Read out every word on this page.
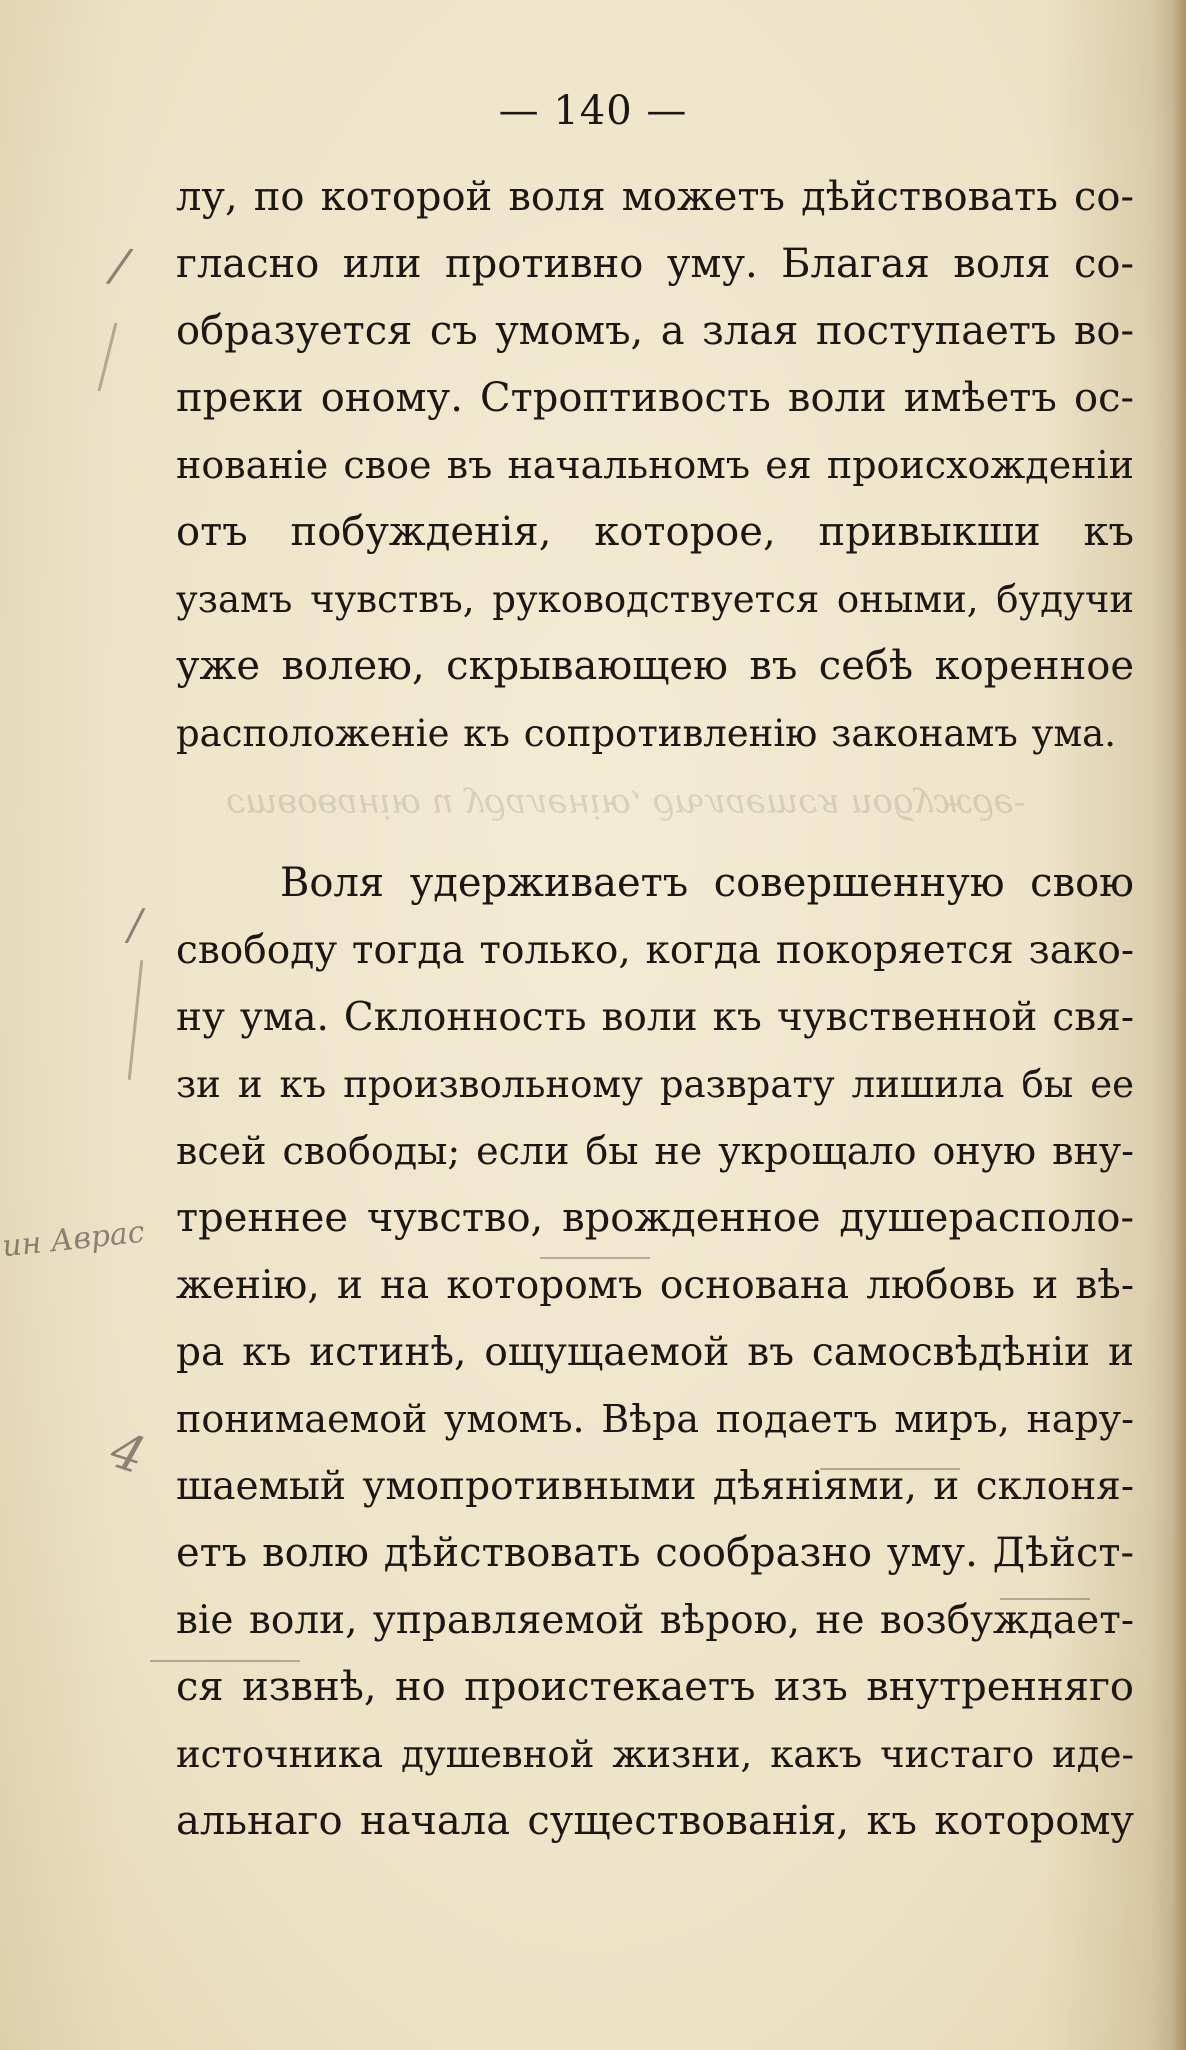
— 140 —
лу, по которой воля можетъ дѣйствовать со-
гласно или противно уму. Благая воля со-
образуется съ умомъ, а злая поступаетъ во-
преки оному. Строптивость воли имѣетъ ос-
нованіе свое въ начальномъ ея происхожденіи
отъ побужденія, которое, привыкши къ
узамъ чувствъ, руководствуется оными, будучи
уже волею, скрывающею въ себѣ коренное
расположеніе къ сопротивленію законамъ ума.
ствованію и удаленію, дѣлается побужде-
Воля удерживаетъ совершенную свою
свободу тогда только, когда покоряется зако-
ну ума. Склонность воли къ чувственной свя-
зи и къ произвольному разврату лишила бы ее
всей свободы; если бы не укрощало оную вну-
треннее чувство, врожденное душерасполо-
женію, и на которомъ основана любовь и вѣ-
ра къ истинѣ, ощущаемой въ самосвѣдѣніи и
понимаемой умомъ. Вѣра подаетъ миръ, нару-
шаемый умопротивными дѣяніями, и склоня-
етъ волю дѣйствовать сообразно уму. Дѣйст-
віе воли, управляемой вѣрою, не возбуждает-
ся извнѣ, но проистекаетъ изъ внутренняго
источника душевной жизни, какъ чистаго иде-
альнаго начала существованія, къ которому
/
/
ин Аврас
4
